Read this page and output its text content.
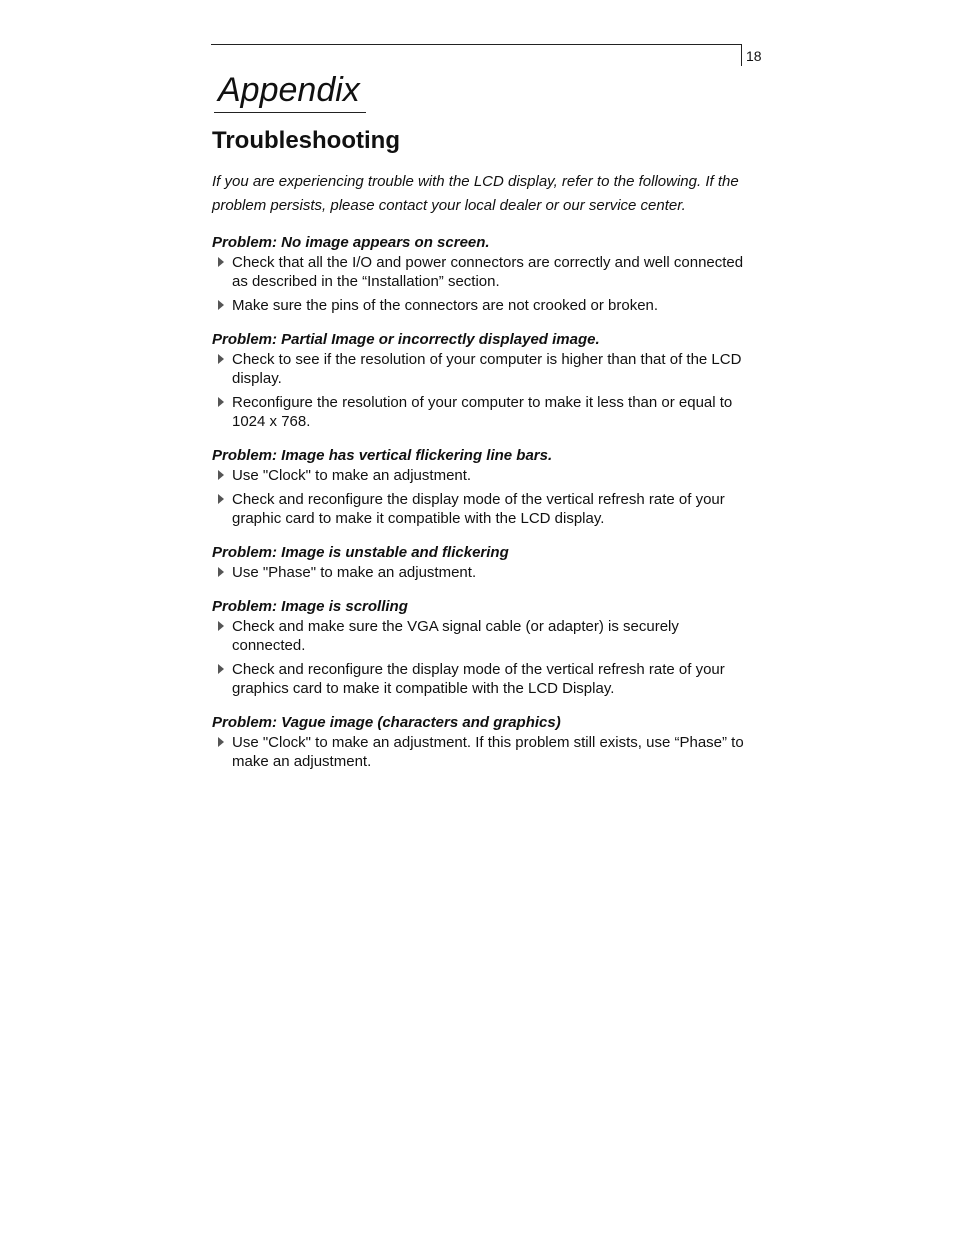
18
Appendix
Troubleshooting

If you are experiencing trouble with the LCD display, refer to the following. If the problem persists, please contact your local dealer or our service center.

Problem: No image appears on screen.
Check that all the I/O and power connectors are correctly and well connected as described in the “Installation” section.
Make sure the pins of the connectors are not crooked or broken.
Problem: Partial Image or incorrectly displayed image.
Check to see if the resolution of your computer is higher than that of the LCD display.
Reconfigure the resolution of your computer to make it less than or equal to 1024 x 768.
Problem: Image has vertical flickering line bars.
Use "Clock" to make an adjustment.
Check and reconfigure the display mode of the vertical refresh rate of your graphic card to make it compatible with the LCD display.
Problem: Image is unstable and flickering
Use "Phase" to make an adjustment.
Problem: Image is scrolling
Check and make sure the VGA signal cable (or adapter) is securely connected.
Check and reconfigure the display mode of the vertical refresh rate of your graphics card to make it compatible with the LCD Display.
Problem: Vague image (characters and graphics)
Use "Clock" to make an adjustment. If this problem still exists, use “Phase” to make an adjustment.
